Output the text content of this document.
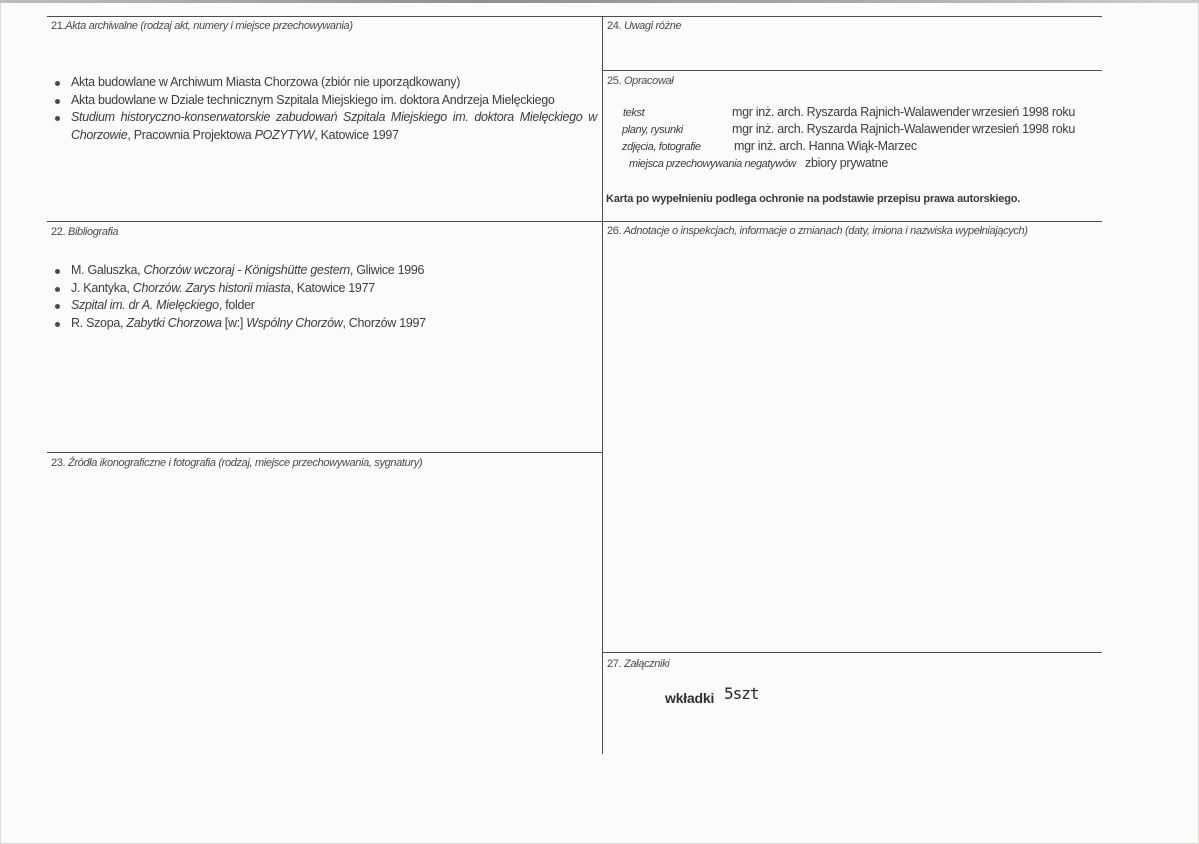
21.Akta archiwalne (rodzaj akt, numery i miejsce przechowywania)
Akta budowlane w Archiwum Miasta Chorzowa (zbiór nie uporządkowany)
Akta budowlane w Dziale technicznym Szpitala Miejskiego im. doktora Andrzeja Mielęckiego
Studium historyczno-konserwatorskie zabudowań Szpitala Miejskiego im. doktora Mielęckiego w Chorzowie, Pracownia Projektowa POZYTYW, Katowice 1997
22. Bibliografia
M. Galuszka, Chorzów wczoraj - Königshütte gestern, Gliwice 1996
J. Kantyka, Chorzów. Zarys historii miasta, Katowice 1977
Szpital im. dr A. Mielęckiego, folder
R. Szopa, Zabytki Chorzowa [w:] Wspólny Chorzów, Chorzów 1997
23. Źródła ikonograficzne i fotografia (rodzaj, miejsce przechowywania, sygnatury)
24. Uwagi różne
25. Opracował
tekst	mgr inż. arch. Ryszarda Rajnich-Walawender wrzesień 1998 roku
plany, rysunki	mgr inż. arch. Ryszarda Rajnich-Walawender wrzesień 1998 roku
zdjęcia, fotografie	mgr inż. arch. Hanna Wiąk-Marzec
miejsca przechowywania negatywów zbiory prywatne
Karta po wypełnieniu podlega ochronie na podstawie przepisu prawa autorskiego.
26. Adnotacje o inspekcjach, informacje o zmianach (daty, imiona i nazwiska wypełniających)
27. Załączniki
wkładki 5szt
